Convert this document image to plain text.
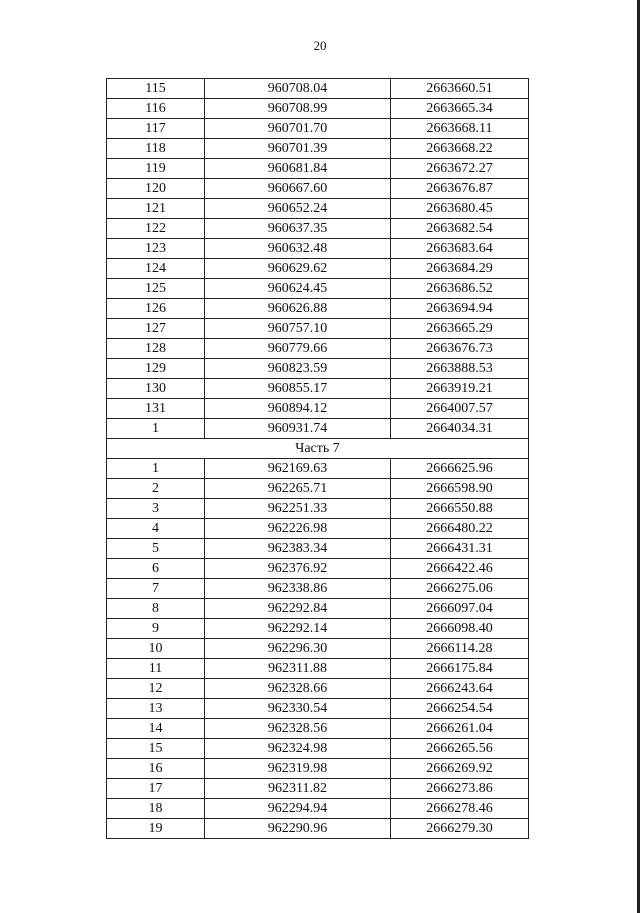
20
115	960708.04	2663660.51
116	960708.99	2663665.34
117	960701.70	2663668.11
118	960701.39	2663668.22
119	960681.84	2663672.27
120	960667.60	2663676.87
121	960652.24	2663680.45
122	960637.35	2663682.54
123	960632.48	2663683.64
124	960629.62	2663684.29
125	960624.45	2663686.52
126	960626.88	2663694.94
127	960757.10	2663665.29
128	960779.66	2663676.73
129	960823.59	2663888.53
130	960855.17	2663919.21
131	960894.12	2664007.57
1	960931.74	2664034.31
Часть 7		
1	962169.63	2666625.96
2	962265.71	2666598.90
3	962251.33	2666550.88
4	962226.98	2666480.22
5	962383.34	2666431.31
6	962376.92	2666422.46
7	962338.86	2666275.06
8	962292.84	2666097.04
9	962292.14	2666098.40
10	962296.30	2666114.28
11	962311.88	2666175.84
12	962328.66	2666243.64
13	962330.54	2666254.54
14	962328.56	2666261.04
15	962324.98	2666265.56
16	962319.98	2666269.92
17	962311.82	2666273.86
18	962294.94	2666278.46
19	962290.96	2666279.30
